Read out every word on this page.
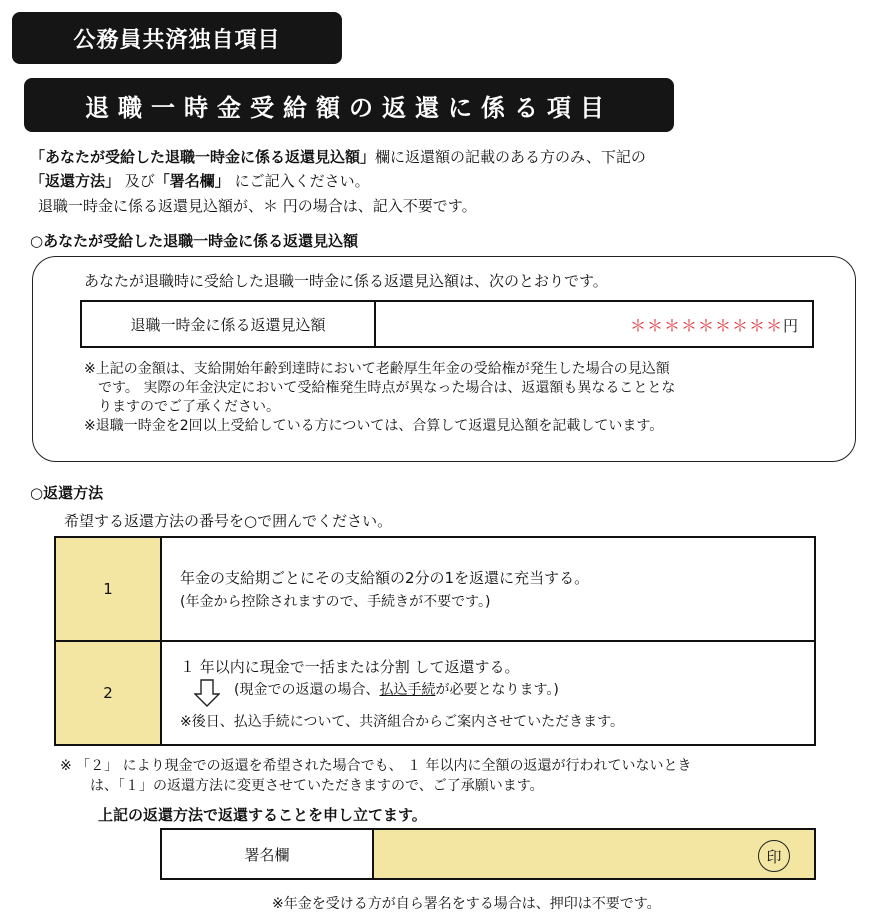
公務員共済独自項目
退職一時金受給額の返還に係る項目
「あなたが受給した退職一時金に係る返還見込額」欄に返還額の記載のある方のみ、下記の
「返還方法」 及び「署名欄」 にご記入ください。
退職一時金に係る返還見込額が、＊ 円の場合は、記入不要です。
○あなたが受給した退職一時金に係る返還見込額
あなたが退職時に受給した退職一時金に係る返還見込額は、次のとおりです。
退職一時金に係る返還見込額	＊＊＊＊＊＊＊＊＊円
※上記の金額は、支給開始年齢到達時において老齢厚生年金の受給権が発生した場合の見込額
です。 実際の年金決定において受給権発生時点が異なった場合は、返還額も異なることとな
りますのでご了承ください。
※退職一時金を2回以上受給している方については、合算して返還見込額を記載しています。
○返還方法
希望する返還方法の番号を○で囲んでください。
1	年金の支給期ごとにその支給額の2分の1を返還に充当する。
(年金から控除されますので、手続きが不要です。)

2	１ 年以内に現金で一括または分割 して返還する。
(現金での返還の場合、払込手続が必要となります。)
※後日、払込手続について、共済組合からご案内させていただきます。
※ 「２」 により現金での返還を希望された場合でも、 １ 年以内に全額の返還が行われていないとき
は、「１」の返還方法に変更させていただきますので、ご了承願います。
上記の返還方法で返還することを申し立てます。
署名欄	印
※年金を受ける方が自ら署名をする場合は、押印は不要です。
